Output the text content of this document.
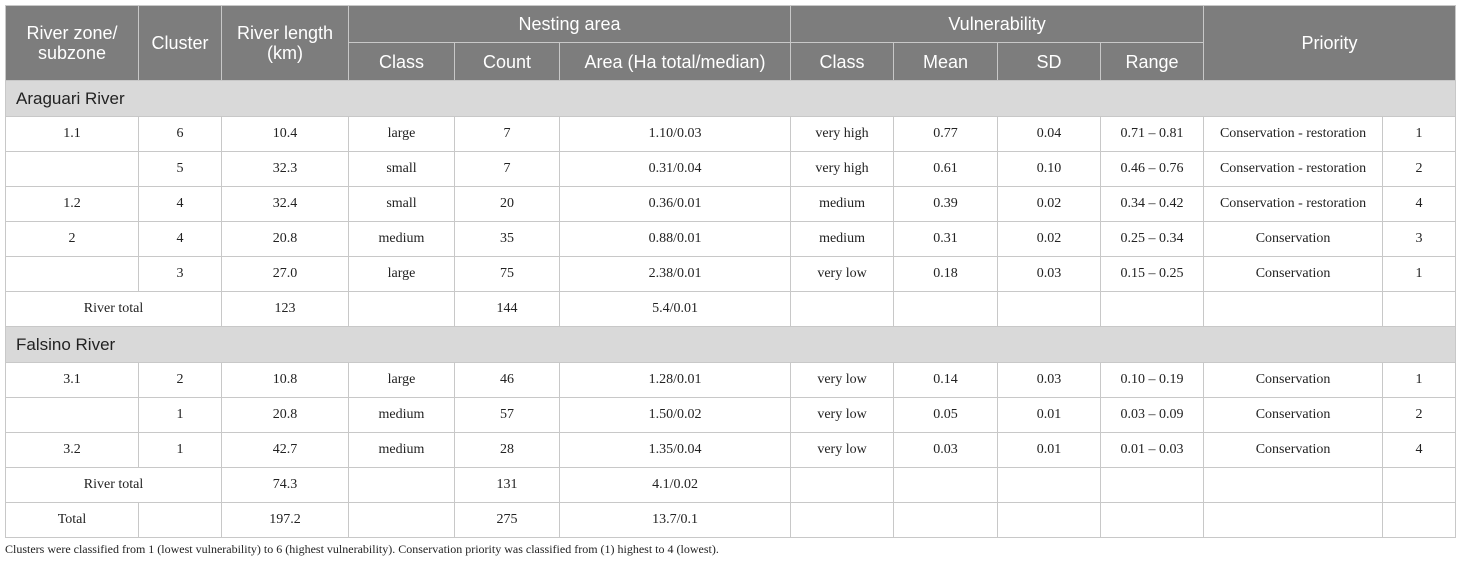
River zone/ subzone	Cluster	River length (km)	Nesting area			Vulnerability				Priority	
			Class	Count	Area (Ha total/median)	Class	Mean	SD	Range		
Araguari River											
1.1	6	10.4	large	7	1.10/0.03	very high	0.77	0.04	0.71 – 0.81	Conservation - restoration	1
	5	32.3	small	7	0.31/0.04	very high	0.61	0.10	0.46 – 0.76	Conservation - restoration	2
1.2	4	32.4	small	20	0.36/0.01	medium	0.39	0.02	0.34 – 0.42	Conservation - restoration	4
2	4	20.8	medium	35	0.88/0.01	medium	0.31	0.02	0.25 – 0.34	Conservation	3
	3	27.0	large	75	2.38/0.01	very low	0.18	0.03	0.15 – 0.25	Conservation	1
River total		123		144	5.4/0.01						
Falsino River											
3.1	2	10.8	large	46	1.28/0.01	very low	0.14	0.03	0.10 – 0.19	Conservation	1
	1	20.8	medium	57	1.50/0.02	very low	0.05	0.01	0.03 – 0.09	Conservation	2
3.2	1	42.7	medium	28	1.35/0.04	very low	0.03	0.01	0.01 – 0.03	Conservation	4
River total		74.3		131	4.1/0.02						
Total		197.2		275	13.7/0.1						
Clusters were classified from 1 (lowest vulnerability) to 6 (highest vulnerability). Conservation priority was classified from (1) highest to 4 (lowest).
